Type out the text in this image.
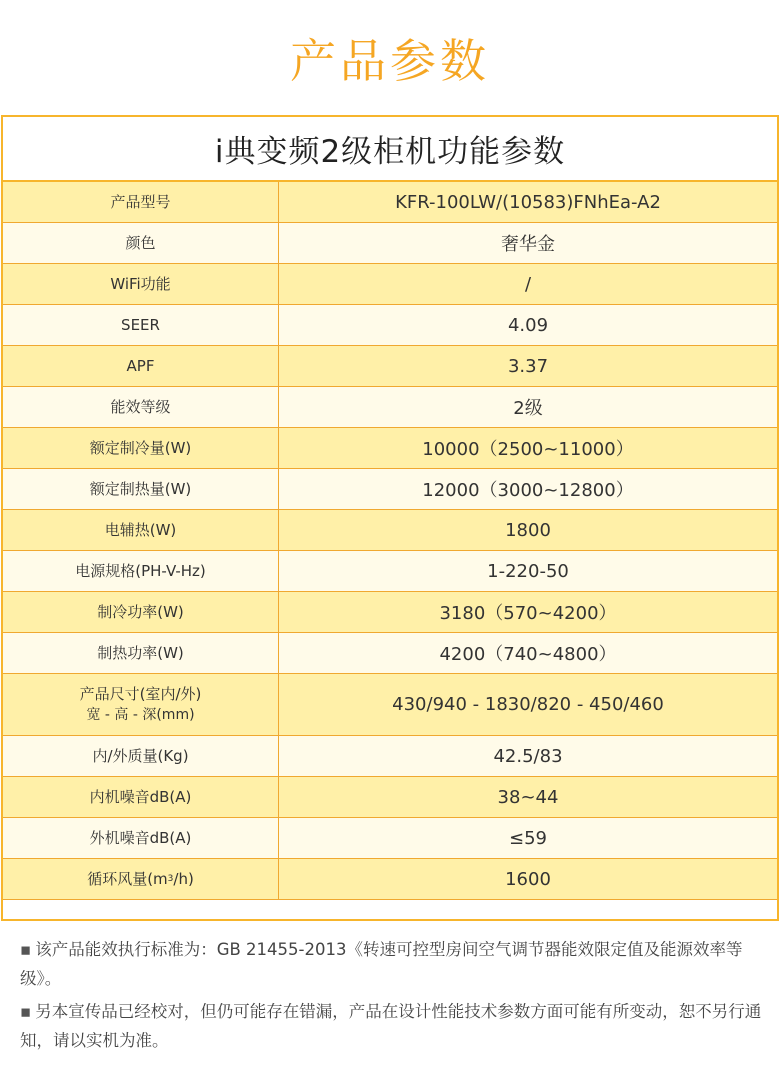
产品参数
i典变频2级柜机功能参数
产品型号	KFR-100LW/(10583)FNhEa-A2
颜色	奢华金
WiFi功能	/
SEER	4.09
APF	3.37
能效等级	2级
额定制冷量(W)	10000（2500~11000）
额定制热量(W)	12000（3000~12800）
电辅热(W)	1800
电源规格(PH-V-Hz)	1-220-50
制冷功率(W)	3180（570~4200）
制热功率(W)	4200（740~4800）
产品尺寸(室内/外)
宽 - 高 - 深(mm)	430/940 - 1830/820 - 450/460
内/外质量(Kg)	42.5/83
内机噪音dB(A)	38~44
外机噪音dB(A)	≤59
循环风量(m 3 /h)	1600

▪ 该产品能效执行标准为：GB 21455-2013《转速可控型房间空气调节器能效限定值及能源效率等级》。

▪ 另本宣传品已经校对，但仍可能存在错漏，产品在设计性能技术参数方面可能有所变动，恕不另行通知，请以实机为准。
